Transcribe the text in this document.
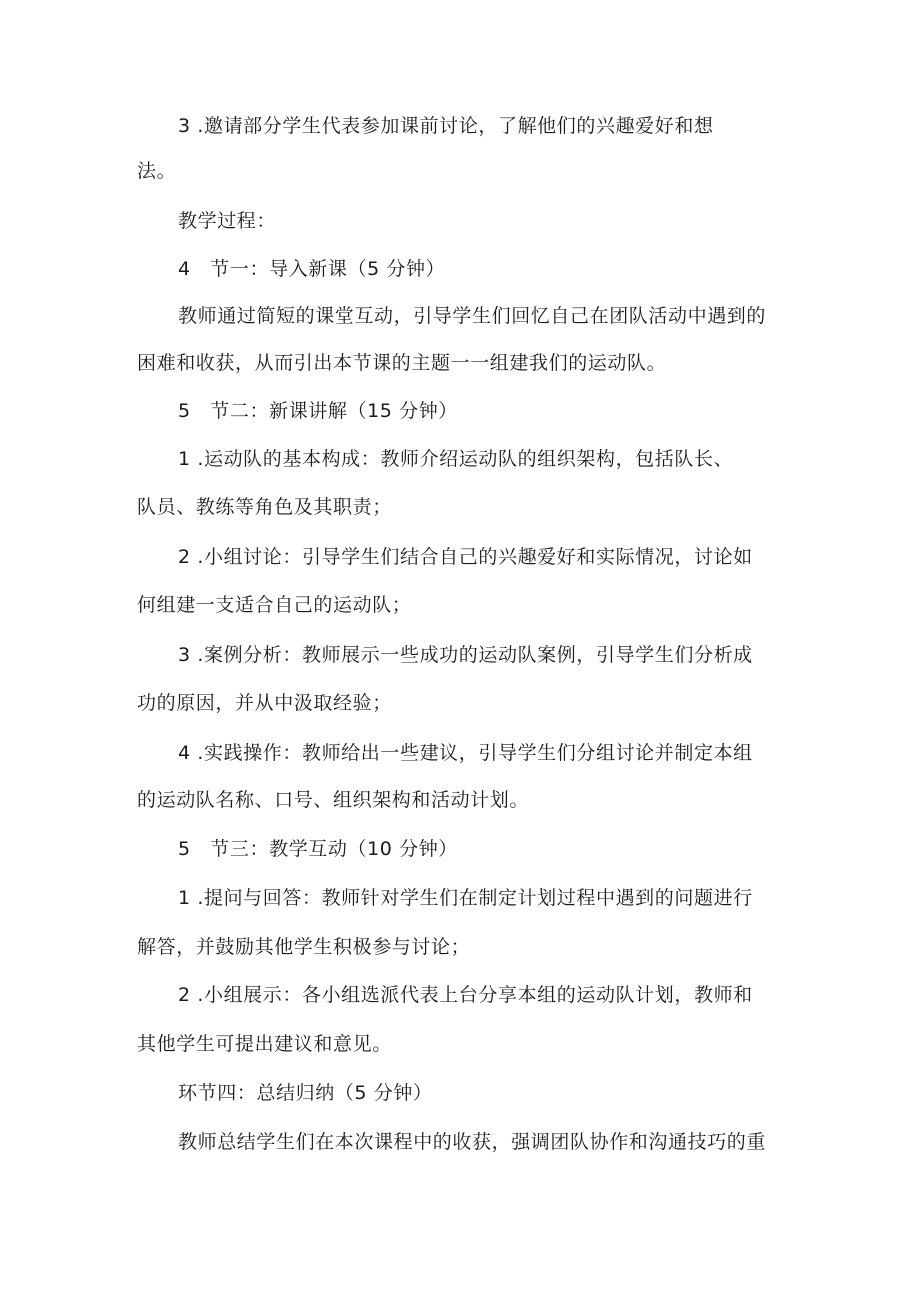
3 .邀请部分学生代表参加课前讨论，了解他们的兴趣爱好和想

法。

教学过程：

4　节一：导入新课（5 分钟）

教师通过简短的课堂互动，引导学生们回忆自己在团队活动中遇到的

困难和收获，从而引出本节课的主题一一组建我们的运动队。

5　节二：新课讲解（15 分钟）

1 .运动队的基本构成：教师介绍运动队的组织架构，包括队长、

队员、教练等角色及其职责；

2 .小组讨论：引导学生们结合自己的兴趣爱好和实际情况，讨论如

何组建一支适合自己的运动队；

3 .案例分析：教师展示一些成功的运动队案例，引导学生们分析成

功的原因，并从中汲取经验；

4 .实践操作：教师给出一些建议，引导学生们分组讨论并制定本组

的运动队名称、口号、组织架构和活动计划。

5　节三：教学互动（10 分钟）

1 .提问与回答：教师针对学生们在制定计划过程中遇到的问题进行

解答，并鼓励其他学生积极参与讨论；

2 .小组展示：各小组选派代表上台分享本组的运动队计划，教师和

其他学生可提出建议和意见。

环节四：总结归纳（5 分钟）

教师总结学生们在本次课程中的收获，强调团队协作和沟通技巧的重
